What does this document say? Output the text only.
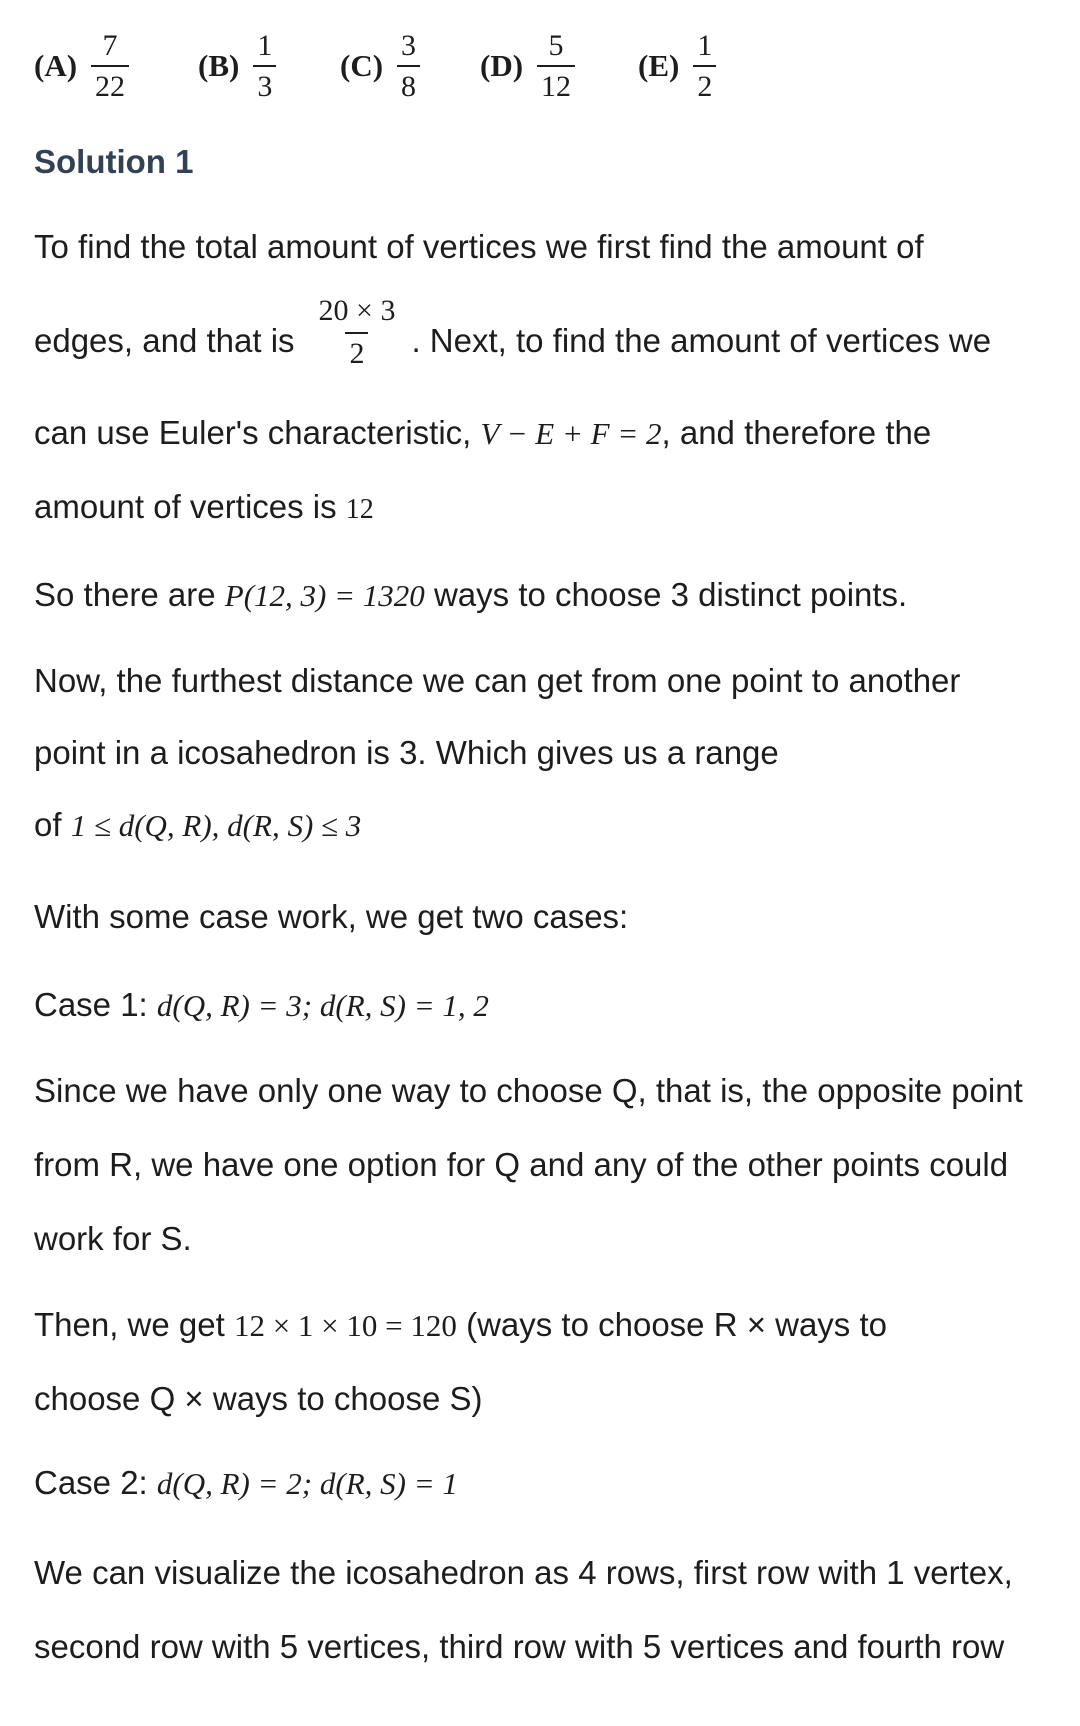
$(A) \frac{7}{22} (B) \frac{1}{3} (C) \frac{3}{8} (D) \frac{5}{12} (E) \frac{1}{2}$
Solution 1
To find the total amount of vertices we first find the amount of
edges, and that is $\frac{20 \times 3}{2}$ . Next, to find the amount of vertices we
can use Euler's characteristic, V − E + F = 2, and therefore the
amount of vertices is 12
So there are P(12, 3) = 1320 ways to choose 3 distinct points.
Now, the furthest distance we can get from one point to another
point in a icosahedron is 3. Which gives us a range
of 1 ≤ d(Q, R), d(R, S) ≤ 3
With some case work, we get two cases:
Case 1: d(Q, R) = 3; d(R, S) = 1, 2
Since we have only one way to choose Q, that is, the opposite point
from R, we have one option for Q and any of the other points could
work for S.
Then, we get 12 × 1 × 10 = 120 (ways to choose R × ways to
choose Q × ways to choose S)
Case 2: d(Q, R) = 2; d(R, S) = 1
We can visualize the icosahedron as 4 rows, first row with 1 vertex,
second row with 5 vertices, third row with 5 vertices and fourth row
